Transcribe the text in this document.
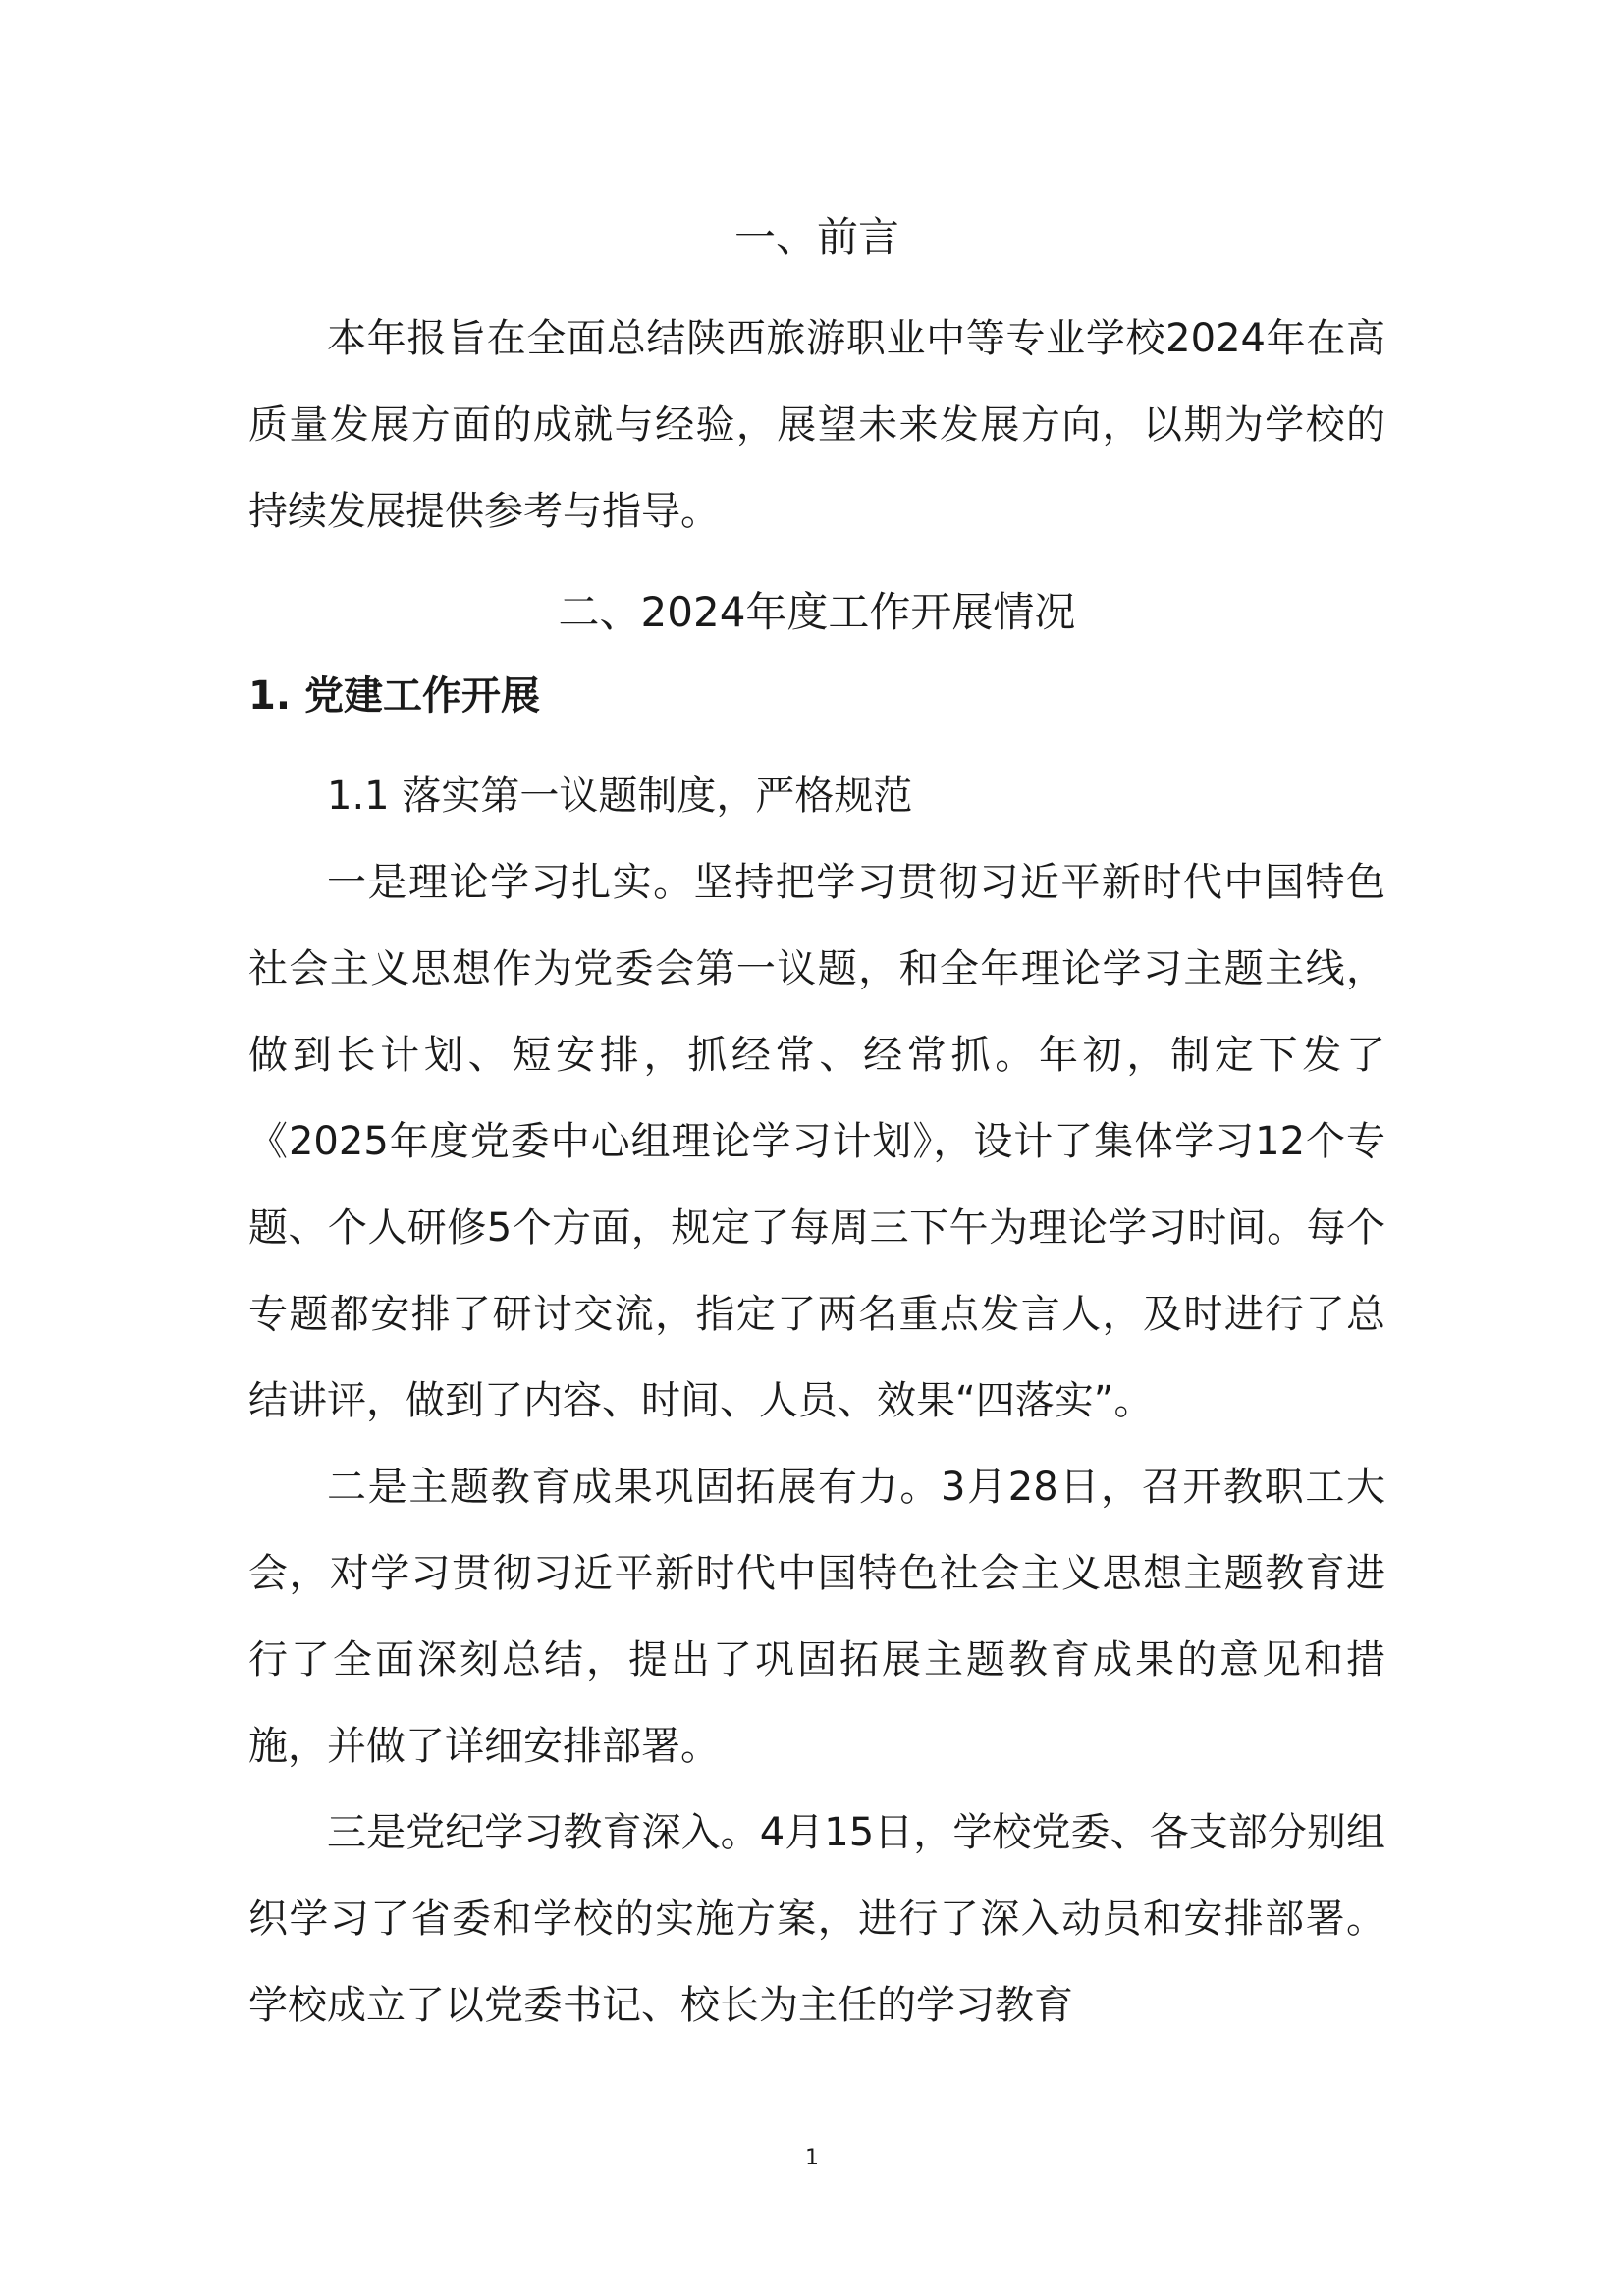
一、前言

本年报旨在全面总结陕西旅游职业中等专业学校2024年在高质量发展方面的成就与经验，展望未来发展方向，以期为学校的持续发展提供参考与指导。

二、2024年度工作开展情况
1. 党建工作开展

1.1 落实第一议题制度，严格规范

一是理论学习扎实。坚持把学习贯彻习近平新时代中国特色社会主义思想作为党委会第一议题，和全年理论学习主题主线，做到长计划、短安排，抓经常、经常抓。年初，制定下发了《2025年度党委中心组理论学习计划》，设计了集体学习12个专题、个人研修5个方面，规定了每周三下午为理论学习时间。每个专题都安排了研讨交流，指定了两名重点发言人，及时进行了总结讲评，做到了内容、时间、人员、效果“四落实”。

二是主题教育成果巩固拓展有力。3月28日，召开教职工大会，对学习贯彻习近平新时代中国特色社会主义思想主题教育进行了全面深刻总结，提出了巩固拓展主题教育成果的意见和措施，并做了详细安排部署。

三是党纪学习教育深入。4月15日，学校党委、各支部分别组织学习了省委和学校的实施方案，进行了深入动员和安排部署。学校成立了以党委书记、校长为主任的学习教育

1
